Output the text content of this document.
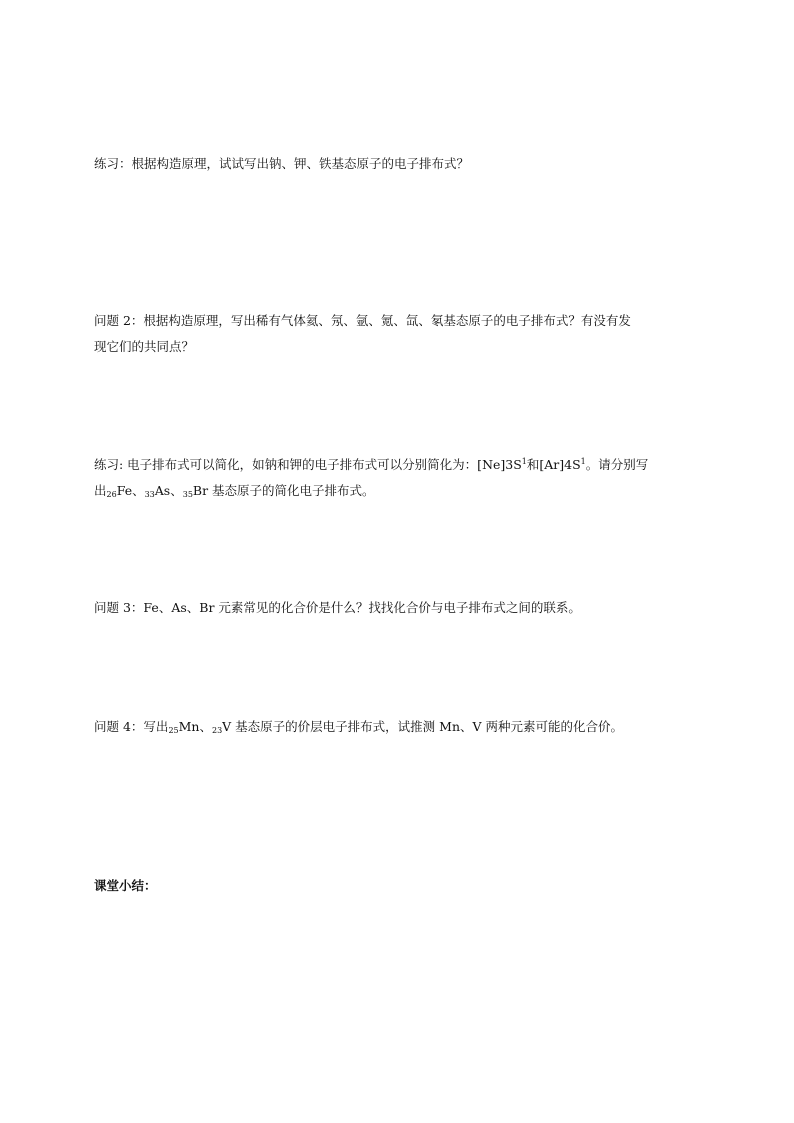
练习：根据构造原理，试试写出钠、钾、铁基态原子的电子排布式？

问题 2：根据构造原理，写出稀有气体氦、氖、氩、氪、氙、氡基态原子的电子排布式？有没有发
现它们的共同点？

练习: 电子排布式可以简化，如钠和钾的电子排布式可以分别简化为：$[Ne]3S^1$和$[Ar]4S^1$。请分别写
出$_{26}$Fe、$_{33}$As、$_{35}$Br 基态原子的简化电子排布式。

问题 3：Fe、As、Br 元素常见的化合价是什么？找找化合价与电子排布式之间的联系。

问题 4：写出$_{25}$Mn、$_{23}$V 基态原子的价层电子排布式，试推测 Mn、V 两种元素可能的化合价。

课堂小结：
